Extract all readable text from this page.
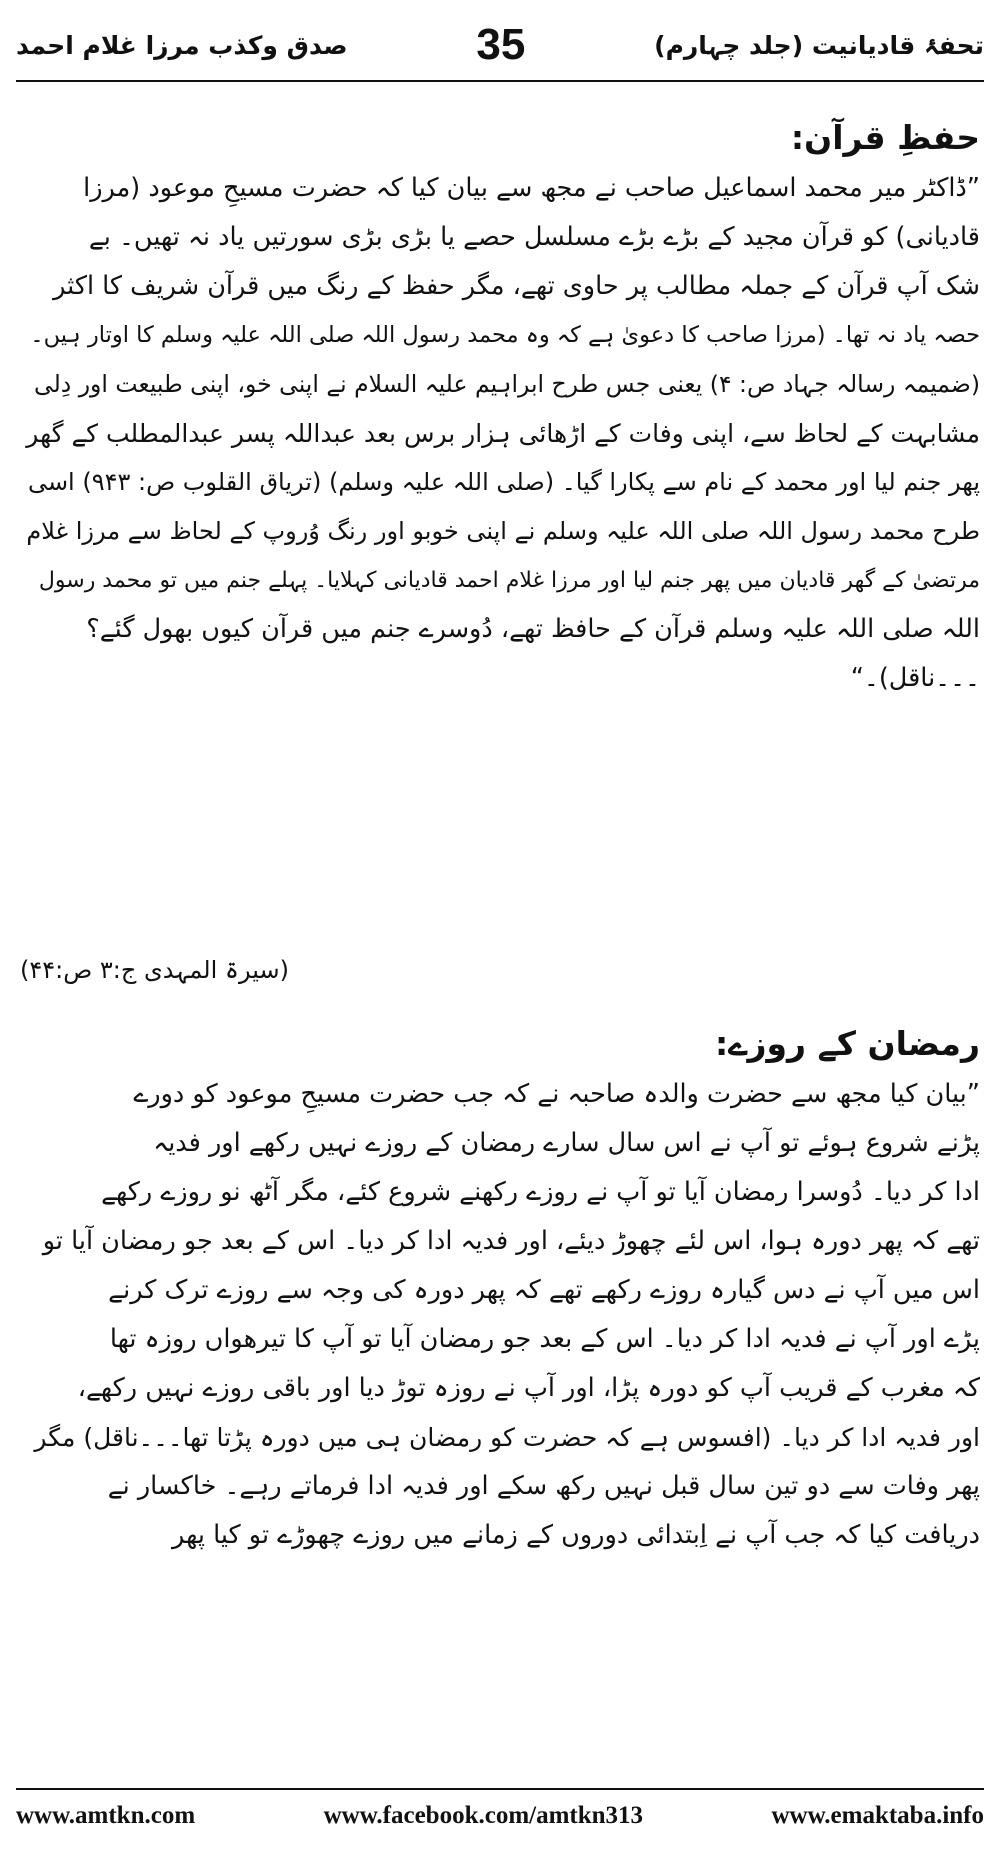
تحفۂ قادیانیت (جلد چہارم)
35
صدق وکذب مرزا غلام احمد

حفظِ قرآن:

”ڈاکٹر میر محمد اسماعیل صاحب نے مجھ سے بیان کیا کہ حضرت مسیحِ موعود (مرزا
قادیانی) کو قرآن مجید کے بڑے بڑے مسلسل حصے یا بڑی بڑی سورتیں یاد نہ تھیں۔ بے
شک آپ قرآن کے جملہ مطالب پر حاوی تھے، مگر حفظ کے رنگ میں قرآن شریف کا اکثر
حصہ یاد نہ تھا۔ (مرزا صاحب کا دعویٰ ہے کہ وہ محمد رسول اللہ صلی اللہ علیہ وسلم کا اوتار ہیں۔
(ضمیمہ رسالہ جہاد ص: ۴) یعنی جس طرح ابراہیم علیہ السلام نے اپنی خو، اپنی طبیعت اور دِلی
مشابہت کے لحاظ سے، اپنی وفات کے اڑھائی ہزار برس بعد عبداللہ پسر عبدالمطلب کے گھر
پھر جنم لیا اور محمد کے نام سے پکارا گیا۔ (صلی اللہ علیہ وسلم) (تریاق القلوب ص: ۹۴۳) اسی
طرح محمد رسول اللہ صلی اللہ علیہ وسلم نے اپنی خوبو اور رنگ وُروپ کے لحاظ سے مرزا غلام
مرتضیٰ کے گھر قادیان میں پھر جنم لیا اور مرزا غلام احمد قادیانی کہلایا۔ پہلے جنم میں تو محمد رسول
اللہ صلی اللہ علیہ وسلم قرآن کے حافظ تھے، دُوسرے جنم میں قرآن کیوں بھول گئے؟
۔۔۔ناقل)۔“

(سیرۃ المہدی ج:۳ ص:۴۴)

رمضان کے روزے:

”بیان کیا مجھ سے حضرت والدہ صاحبہ نے کہ جب حضرت مسیحِ موعود کو دورے
پڑنے شروع ہوئے تو آپ نے اس سال سارے رمضان کے روزے نہیں رکھے اور فدیہ
ادا کر دیا۔ دُوسرا رمضان آیا تو آپ نے روزے رکھنے شروع کئے، مگر آٹھ نو روزے رکھے
تھے کہ پھر دورہ ہوا، اس لئے چھوڑ دیئے، اور فدیہ ادا کر دیا۔ اس کے بعد جو رمضان آیا تو
اس میں آپ نے دس گیارہ روزے رکھے تھے کہ پھر دورہ کی وجہ سے روزے ترک کرنے
پڑے اور آپ نے فدیہ ادا کر دیا۔ اس کے بعد جو رمضان آیا تو آپ کا تیرھواں روزہ تھا
کہ مغرب کے قریب آپ کو دورہ پڑا، اور آپ نے روزہ توڑ دیا اور باقی روزے نہیں رکھے،
اور فدیہ ادا کر دیا۔ (افسوس ہے کہ حضرت کو رمضان ہی میں دورہ پڑتا تھا۔۔۔ناقل) مگر
پھر وفات سے دو تین سال قبل نہیں رکھ سکے اور فدیہ ادا فرماتے رہے۔ خاکسار نے
دریافت کیا کہ جب آپ نے اِبتدائی دوروں کے زمانے میں روزے چھوڑے تو کیا پھر
www.amtkn.com	www.facebook.com/amtkn313	www.emaktaba.info
